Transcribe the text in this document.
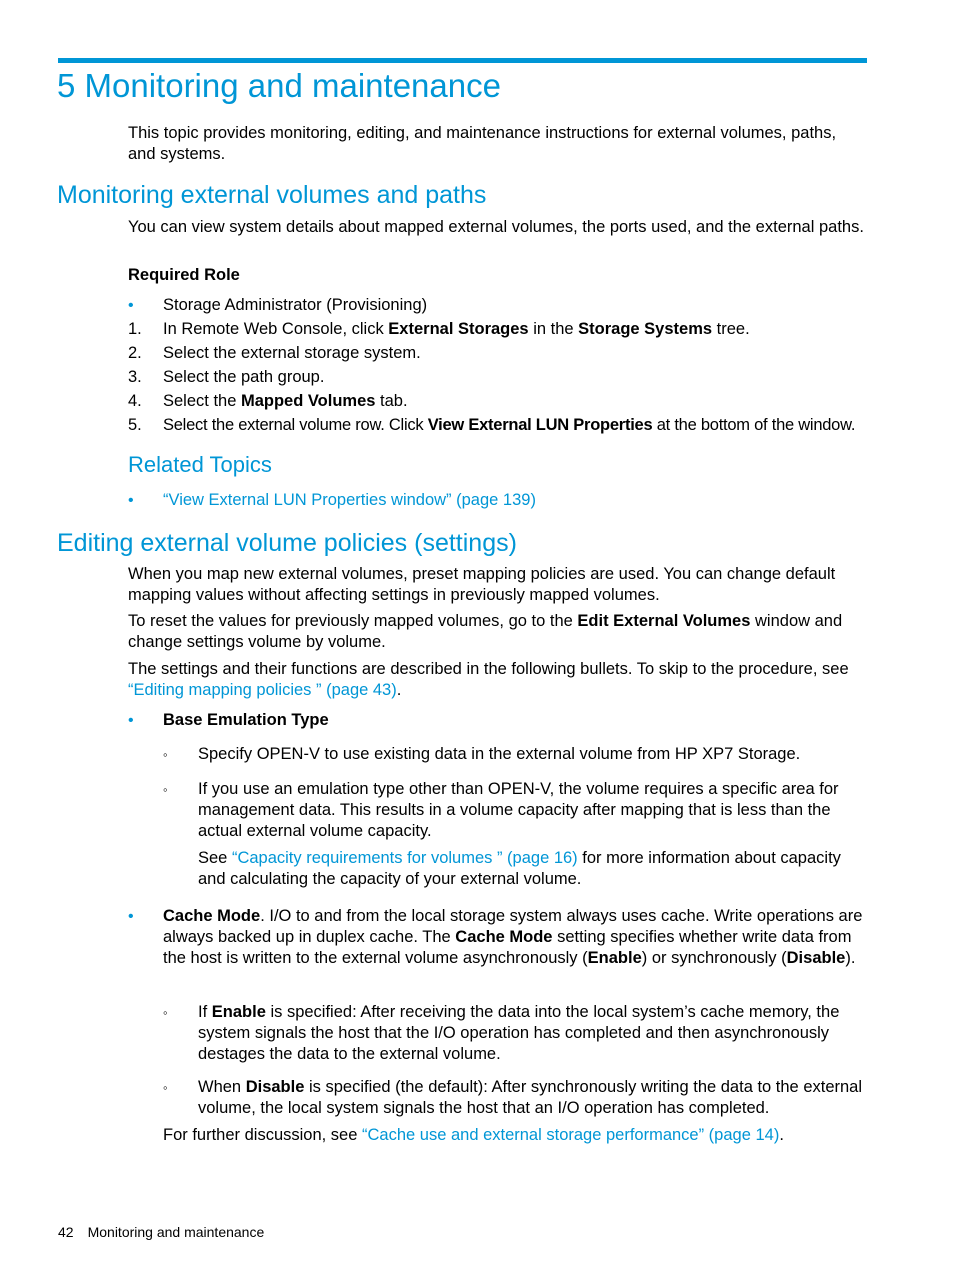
5 Monitoring and maintenance
This topic provides monitoring, editing, and maintenance instructions for external volumes, paths, and systems.
Monitoring external volumes and paths
You can view system details about mapped external volumes, the ports used, and the external paths.
Required Role
• Storage Administrator (Provisioning)
1. In Remote Web Console, click External Storages in the Storage Systems tree.
2. Select the external storage system.
3. Select the path group.
4. Select the Mapped Volumes tab.
5. Select the external volume row. Click View External LUN Properties at the bottom of the window.
Related Topics
• “View External LUN Properties window” (page 139)
Editing external volume policies (settings)
When you map new external volumes, preset mapping policies are used. You can change default mapping values without affecting settings in previously mapped volumes.
To reset the values for previously mapped volumes, go to the Edit External Volumes window and change settings volume by volume.
The settings and their functions are described in the following bullets. To skip to the procedure, see “Editing mapping policies ” (page 43).
• Base Emulation Type
◦ Specify OPEN-V to use existing data in the external volume from HP XP7 Storage.
◦ If you use an emulation type other than OPEN-V, the volume requires a specific area for management data. This results in a volume capacity after mapping that is less than the actual external volume capacity.
See “Capacity requirements for volumes ” (page 16) for more information about capacity and calculating the capacity of your external volume.
• Cache Mode. I/O to and from the local storage system always uses cache. Write operations are always backed up in duplex cache. The Cache Mode setting specifies whether write data from the host is written to the external volume asynchronously (Enable) or synchronously (Disable).
◦ If Enable is specified: After receiving the data into the local system’s cache memory, the system signals the host that the I/O operation has completed and then asynchronously destages the data to the external volume.
◦ When Disable is specified (the default): After synchronously writing the data to the external volume, the local system signals the host that an I/O operation has completed.
For further discussion, see “Cache use and external storage performance” (page 14).
42 Monitoring and maintenance
